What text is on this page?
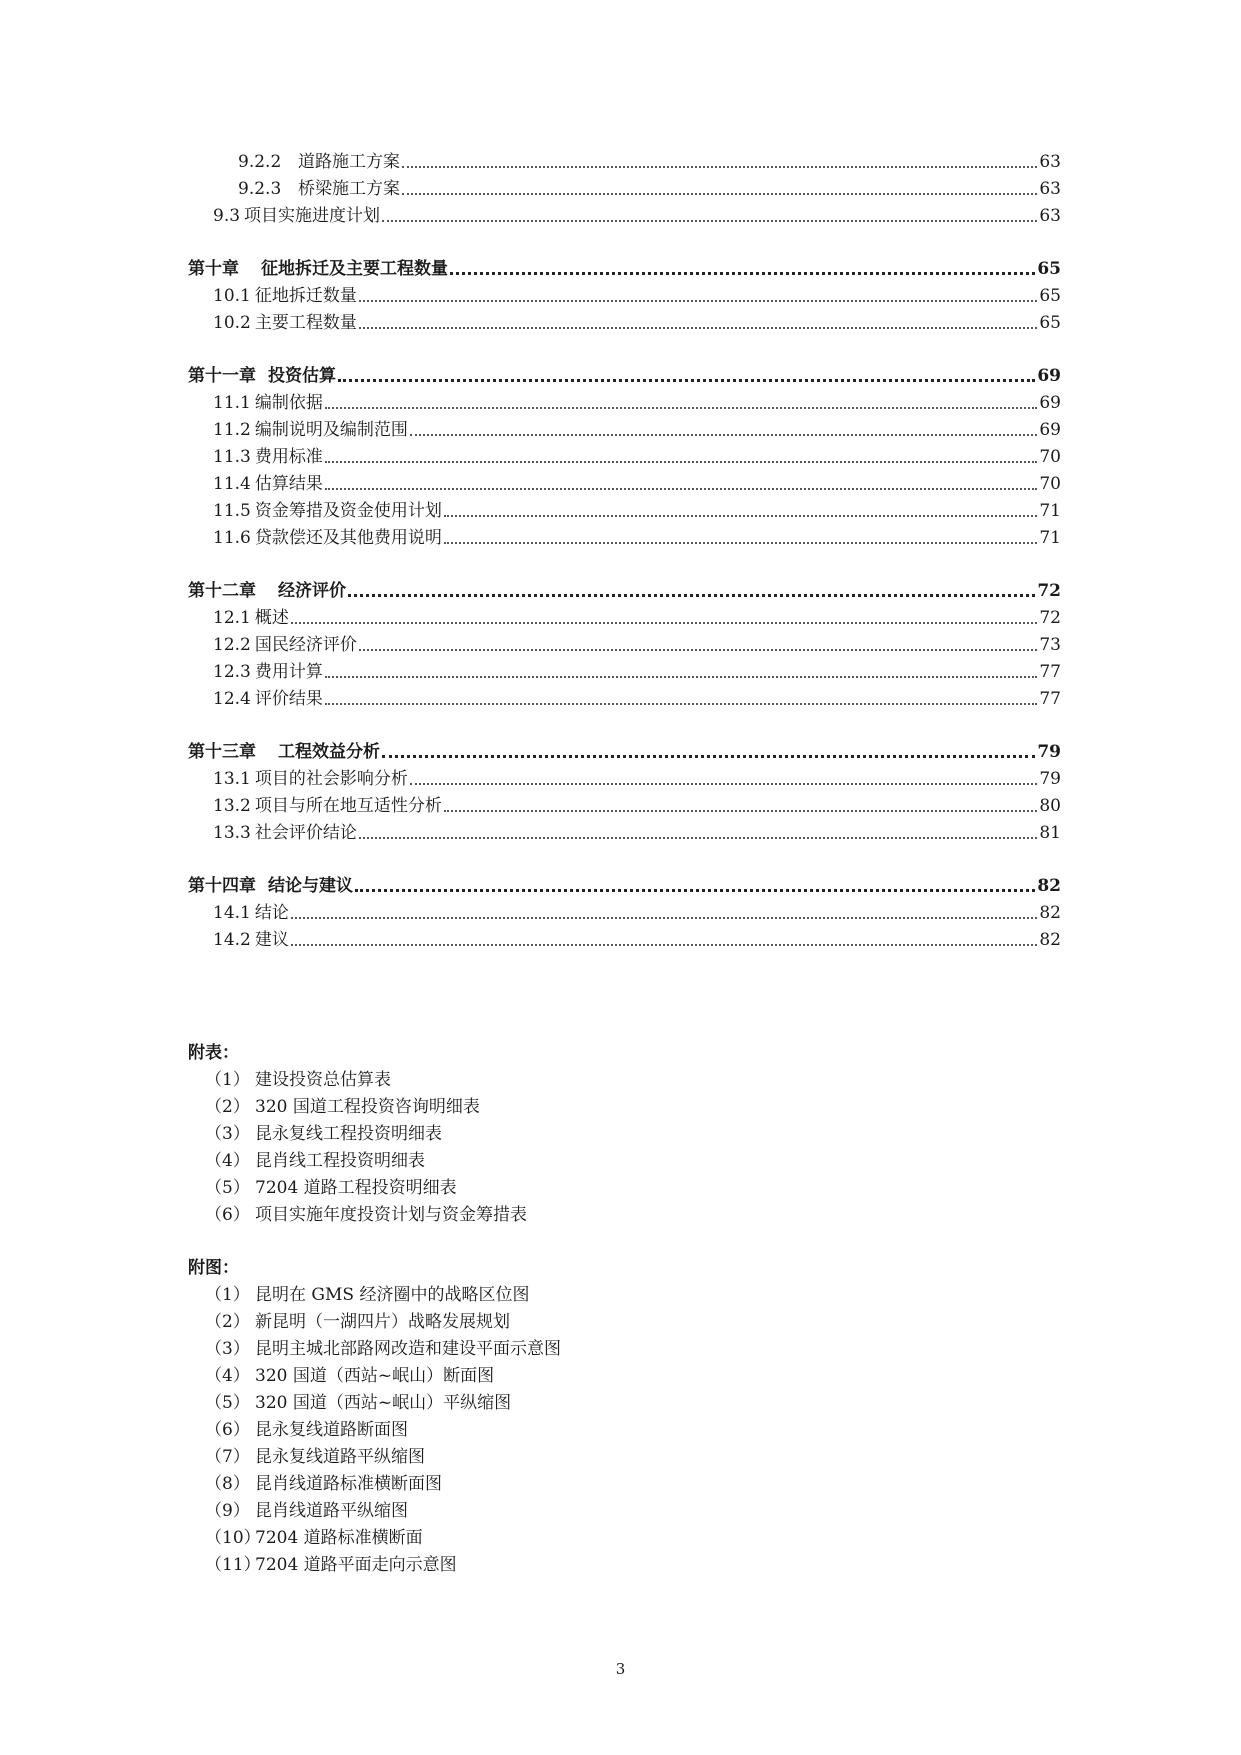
9.2.2 道路施工方案	63
9.2.3 桥梁施工方案	63
9.3 项目实施进度计划	63
第十章	征地拆迁及主要工程数量	65
10.1 征地拆迁数量	65
10.2 主要工程数量	65
第十一章 投资估算	69
11.1 编制依据	69
11.2 编制说明及编制范围	69
11.3 费用标准	70
11.4 估算结果	70
11.5 资金筹措及资金使用计划	71
11.6 贷款偿还及其他费用说明	71
第十二章	经济评价	72
12.1 概述	72
12.2 国民经济评价	73
12.3 费用计算	77
12.4 评价结果	77
第十三章	工程效益分析	79
13.1 项目的社会影响分析	79
13.2 项目与所在地互适性分析	80
13.3 社会评价结论	81
第十四章 结论与建议	82
14.1 结论	82
14.2 建议	82
附表：
（1） 建设投资总估算表
（2） 320 国道工程投资咨询明细表
（3） 昆永复线工程投资明细表
（4） 昆肖线工程投资明细表
（5） 7204 道路工程投资明细表
（6） 项目实施年度投资计划与资金筹措表
附图：
（1） 昆明在 GMS 经济圈中的战略区位图
（2） 新昆明（一湖四片）战略发展规划
（3） 昆明主城北部路网改造和建设平面示意图
（4） 320 国道（西站~岷山）断面图
（5） 320 国道（西站~岷山）平纵缩图
（6） 昆永复线道路断面图
（7） 昆永复线道路平纵缩图
（8） 昆肖线道路标准横断面图
（9） 昆肖线道路平纵缩图
（10）
7204 道路标准横断面
（11）
7204 道路平面走向示意图
3
